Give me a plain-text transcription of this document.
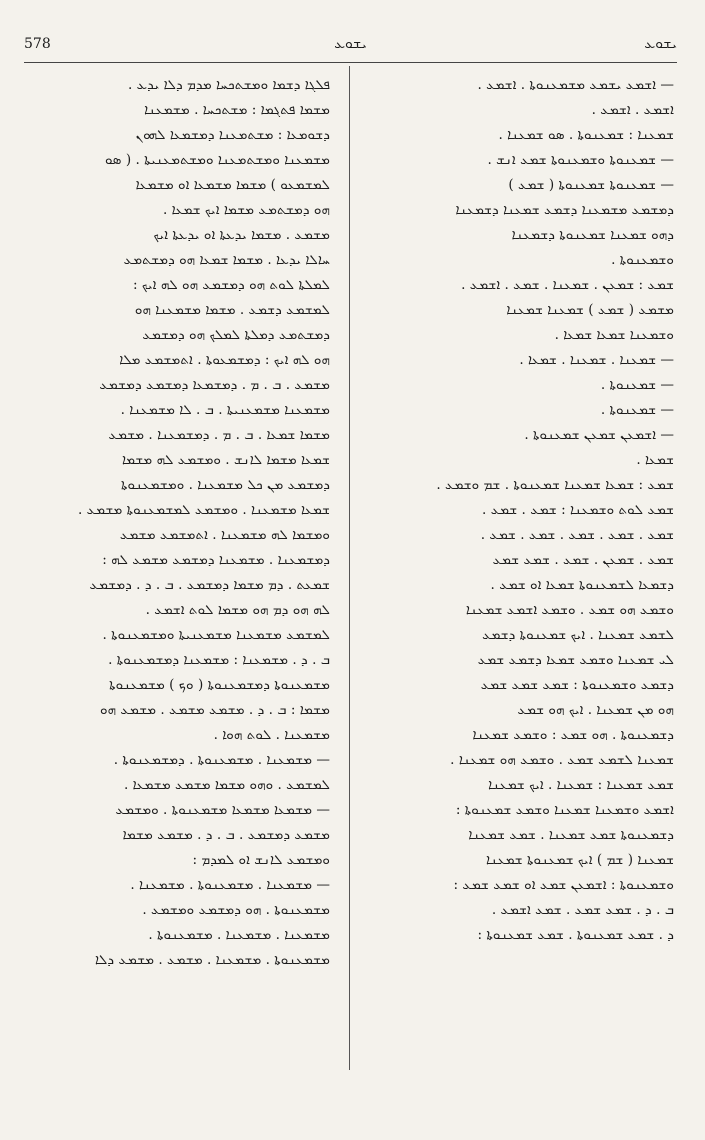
578	ܝܫܘܥ	ܝܫܘܥ
ܦܠܓܐ ܕܫܡܐ ܘܡܫܬܟܚܐ ܡܕܡ ܕܠܐ ܝܕܥ .
ܡܫܡܐ ܦܬܓܡܐ : ܡܫܬܟܚܐ . ܡܫܡܥܢܐ
ܕܫܘܡܥܐ : ܡܫܬܡܥܢܐ ܕܡܫܡܥܐ ܠܗܘܢ
ܡܫܡܥܢܐ ܘܡܫܬܡܥܢܐ ܘܡܫܬܡܥܢܝܬܐ . ( ܣܘ
ܠܡܫܡܥܘ ) ܡܫܡܐ ܡܫܡܥܐ ܐܘ ܡܫܡܥܐ
ܗܘ ܕܡܫܬܡܥ ܡܫܡܐ ܐܝܟ ܫܡܥܐ .
ܡܫܡܥ . ܡܫܡܐ ܝܕܥܬܐ ܐܘ ܝܕܥܬܐ ܐܝܟ
ܚܐܠܐ ܝܕܥܐ . ܡܫܡܐ ܫܡܥܐ ܗܘ ܕܡܫܬܡܥ
ܠܡܠܬܐ ܠܘܬ ܗܘ ܕܡܫܡܥ ܗܘ ܠܗ ܐܝܟ :
ܠܡܫܡܥ ܕܫܡܥ . ܡܫܡܐ ܡܫܡܥܢܐ ܗܘ
ܕܡܫܬܡܥ ܕܡܠܬܐ ܠܡܠܟ ܗܘ ܕܡܫܡܥ
ܗܘ ܠܗ ܐܝܟ : ܕܡܫܡܥܘܬܐ . ܐܬܡܫܡܥ ܡܠܐ
ܡܫܡܥ . ܒ . ܡ . ܕܡܫܡܥܐ ܕܡܫܡܥ ܕܡܫܡܥ
ܡܫܡܥܢܐ ܡܫܡܥܢܝܬܐ . ܒ . ܠܐ ܡܫܡܥܢܐ .
ܡܫܡܐ ܫܡܥܐ . ܒ . ܡ . ܕܡܫܡܥܢܐ . ܡܫܡܥ
ܫܡܥܐ ܡܫܡܐ ܠܐܢܫ . ܘܡܫܡܥ ܠܗ ܡܫܡܐ
ܕܡܫܡܥ ܡܢ ܟܠ ܡܫܡܥܢܐ . ܘܡܫܡܥܢܘܬܐ
ܫܡܥܐ ܡܫܡܥܢܐ . ܘܡܫܡܥ ܠܡܫܡܥܢܘܬܐ ܡܫܡܥ .
ܘܡܫܡܐ ܠܗ ܡܫܡܥܢܐ . ܐܬܡܫܡܥ ܡܫܡܥ
ܕܡܫܡܥܢܐ . ܡܫܡܥܢܐ ܕܡܫܡܥ ܡܫܡܥ ܠܗ :
ܫܡܥܬ . ܕܡ ܡܫܡܐ ܕܡܫܡܥ . ܒ . ܕ . ܕܡܫܡܥ
ܠܗ ܗܘ ܕܡ ܗܘ ܡܫܡܐ ܠܘܬ ܐܫܡܥ .
ܠܡܫܡܥ ܡܫܡܥܢܐ ܡܫܡܥܢܝܬܐ ܘܡܫܡܥܢܘܬܐ .
ܒ . ܕ . ܡܫܡܥܢܐ : ܡܫܡܥܢܐ ܕܡܫܡܥܢܘܬܐ .
ܡܫܡܥܢܘܬܐ ܕܡܫܡܥܢܘܬܐ ( ܘܟ ) ܡܫܡܥܢܘܬܐ
ܡܫܡܐ : ܒ . ܕ . ܡܫܡܥ ܡܫܡܥ . ܡܫܡܥ ܗܘ
ܡܫܡܥܢܐ . ܠܘܬ ܗܘܐ .
— ܡܫܡܥܢܐ . ܡܫܡܥܢܘܬܐ . ܕܡܫܡܥܢܘܬܐ .
ܠܡܫܡܥ . ܘܗܘ ܡܫܡܐ ܡܫܡܥ ܡܫܡܥܐ .
— ܡܫܡܥܐ ܡܫܡܥܐ ܡܫܡܥܢܘܬܐ . ܘܡܫܡܥ
ܡܫܡܥ ܕܡܫܡܥ . ܒ . ܕ . ܡܫܡܥ ܡܫܡܐ
ܘܡܫܡܥ ܠܐܢܫ ܐܘ ܠܡܕܡ :
— ܡܫܡܥܢܐ . ܡܫܡܥܢܘܬܐ . ܡܫܡܥܢܐ .
ܡܫܡܥܢܘܬܐ . ܗܘ ܕܡܫܡܥ ܘܡܫܡܥ .
ܡܫܡܥܢܐ . ܡܫܡܥܢܐ . ܡܫܡܥܢܘܬܐ .
ܡܫܡܥܢܘܬܐ . ܡܫܡܥܢܐ . ܡܫܡܥ . ܡܫܡܥ ܕܠܐ
— ܐܫܡܥ ܝܫܡܥ ܡܫܡܥܢܘܬܐ . ܐܫܡܥ .
ܐܫܡܥ . ܐܫܡܥ .
ܫܡܥܢܐ : ܫܡܥܢܘܬܐ . ܣܘ ܫܡܥܢܐ .
— ܫܡܥܢܘܬܐ ܘܫܡܥܢܘܬܐ ܫܡܥ ܐܢܫ .
— ܫܡܥܢܘܬܐ ܫܡܥܢܘܬܐ ( ܫܡܥ )
ܕܡܫܡܥ ܡܫܡܥܢܐ ܕܫܡܥ ܫܡܥܢܐ ܕܫܡܥܢܐ
ܕܗܘ ܫܡܥܢܐ ܫܡܥܢܘܬܐ ܕܫܡܥܢܐ
ܘܫܡܥܢܘܬܐ .
ܫܡܥ : ܫܡܥܢ . ܫܡܥܢܐ . ܫܡܥ . ܐܫܡܥ .
ܡܫܡܥ ( ܫܡܥ ) ܫܡܥܢܐ ܫܡܥܢܐ
ܘܫܡܥܢܐ ܫܡܥܐ ܫܡܥܐ .
— ܫܡܥܢܐ . ܫܡܥܢܐ . ܫܡܥܐ .
— ܫܡܥܢܘܬܐ .
— ܫܡܥܢܘܬܐ .
— ܐܫܡܥܢ ܫܡܥܢ ܫܡܥܢܘܬܐ .
ܫܡܥܐ .
ܫܡܥ : ܫܡܥܐ ܫܡܥܢܐ ܫܡܥܢܘܬܐ . ܫܡ ܘܫܡܥ .
ܫܡܥ ܠܘܬ ܘܫܡܥܢܐ : ܫܡܥ . ܫܡܥ .
ܫܡܥ . ܫܡܥ . ܫܡܥ . ܫܡܥ . ܫܡܥ .
ܫܡܥ . ܫܡܥܢ . ܫܡܥ . ܫܡܥ ܫܡܥ
ܕܫܡܥܐ ܠܫܡܥܢܘܬܐ ܫܡܥܐ ܐܘ ܫܡܥ .
ܘܫܡܥ ܗܘ ܫܡܥ . ܘܫܡܥ ܐܫܡܥ ܫܡܥܢܐ
ܠܫܡܥ ܫܡܥܢܐ . ܐܝܟ ܫܡܥܢܘܬܐ ܕܫܡܥ
ܠܝ ܫܡܥܢܐ ܘܫܡܥ ܫܡܥܐ ܕܫܡܥ ܫܡܥ
ܕܫܡܥ ܘܫܡܥܢܘܬܐ : ܫܡܥ ܫܡܥ ܫܡܥ
ܗܘ ܡܢ ܫܡܥܢܐ . ܐܝܟ ܗܘ ܫܡܥ
ܕܫܡܥܢܘܬܐ . ܗܘ ܫܡܥ : ܘܫܡܥ ܫܡܥܢܐ
ܫܡܥܢܐ ܠܫܡܥ ܫܡܥ . ܘܫܡܥ ܗܘ ܫܡܥܢܐ .
ܫܡܥ ܫܡܥܢܐ : ܫܡܥܢܐ . ܐܝܟ ܫܡܥܢܐ
ܐܫܡܥ ܘܫܡܥܢܐ ܫܡܥܢܐ ܘܫܡܥ ܫܡܥܢܘܬܐ :
ܕܫܡܥܢܘܬܐ ܫܡܥ ܫܡܥܢܐ . ܫܡܥ ܫܡܥܢܐ
ܫܡܥܢܐ ( ܫܡ ) ܐܝܟ ܫܡܥܢܘܬܐ ܫܡܥܢܐ
ܘܫܡܥܢܘܬܐ : ܐܫܡܥܢ ܫܡܥ ܐܘ ܫܡܥ ܫܡܥ :
ܒ . ܕ . ܫܡܥ ܫܡܥ . ܫܡܥ ܐܫܡܥ .
ܕ . ܫܡܥ ܫܡܥܢܘܬܐ . ܫܡܥ ܫܡܥܢܘܬܐ :
